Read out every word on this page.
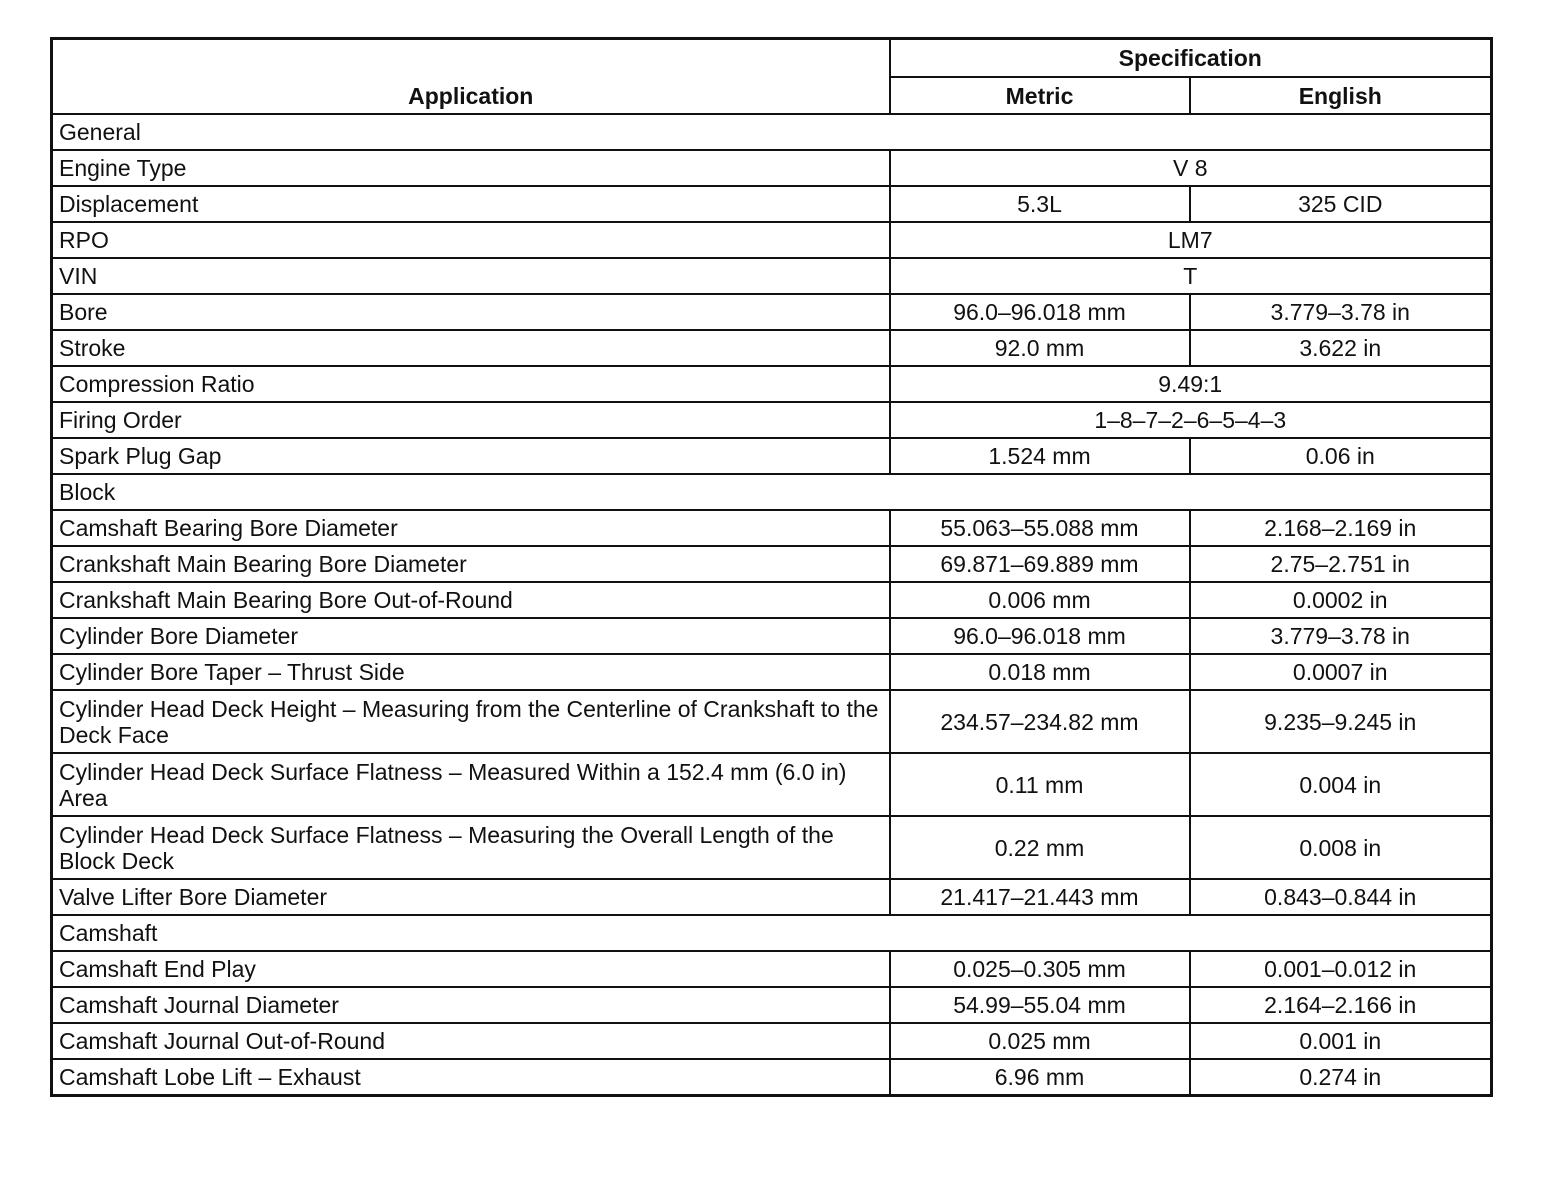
Application	Specification	
	Metric	English
General		
Engine Type	V 8	
Displacement	5.3L	325 CID
RPO	LM7	
VIN	T	
Bore	96.0–96.018 mm	3.779–3.78 in
Stroke	92.0 mm	3.622 in
Compression Ratio	9.49:1	
Firing Order	1–8–7–2–6–5–4–3	
Spark Plug Gap	1.524 mm	0.06 in
Block		
Camshaft Bearing Bore Diameter	55.063–55.088 mm	2.168–2.169 in
Crankshaft Main Bearing Bore Diameter	69.871–69.889 mm	2.75–2.751 in
Crankshaft Main Bearing Bore Out-of-Round	0.006 mm	0.0002 in
Cylinder Bore Diameter	96.0–96.018 mm	3.779–3.78 in
Cylinder Bore Taper – Thrust Side	0.018 mm	0.0007 in
Cylinder Head Deck Height – Measuring from the Centerline of Crankshaft to the Deck Face	234.57–234.82 mm	9.235–9.245 in
Cylinder Head Deck Surface Flatness – Measured Within a 152.4 mm (6.0 in) Area	0.11 mm	0.004 in
Cylinder Head Deck Surface Flatness – Measuring the Overall Length of the Block Deck	0.22 mm	0.008 in
Valve Lifter Bore Diameter	21.417–21.443 mm	0.843–0.844 in
Camshaft		
Camshaft End Play	0.025–0.305 mm	0.001–0.012 in
Camshaft Journal Diameter	54.99–55.04 mm	2.164–2.166 in
Camshaft Journal Out-of-Round	0.025 mm	0.001 in
Camshaft Lobe Lift – Exhaust	6.96 mm	0.274 in
